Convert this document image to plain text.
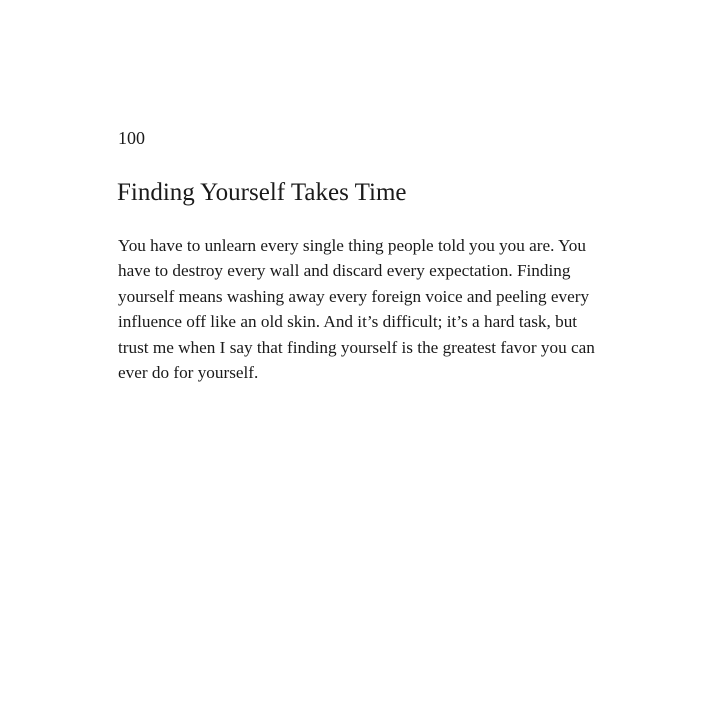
100

Finding Yourself Takes Time
You have to unlearn every single thing people told you you are. You
have to destroy every wall and discard every expectation. Finding
yourself means washing away every foreign voice and peeling every
influence off like an old skin. And it’s difficult; it’s a hard task, but
trust me when I say that finding yourself is the greatest favor you can
ever do for yourself.
